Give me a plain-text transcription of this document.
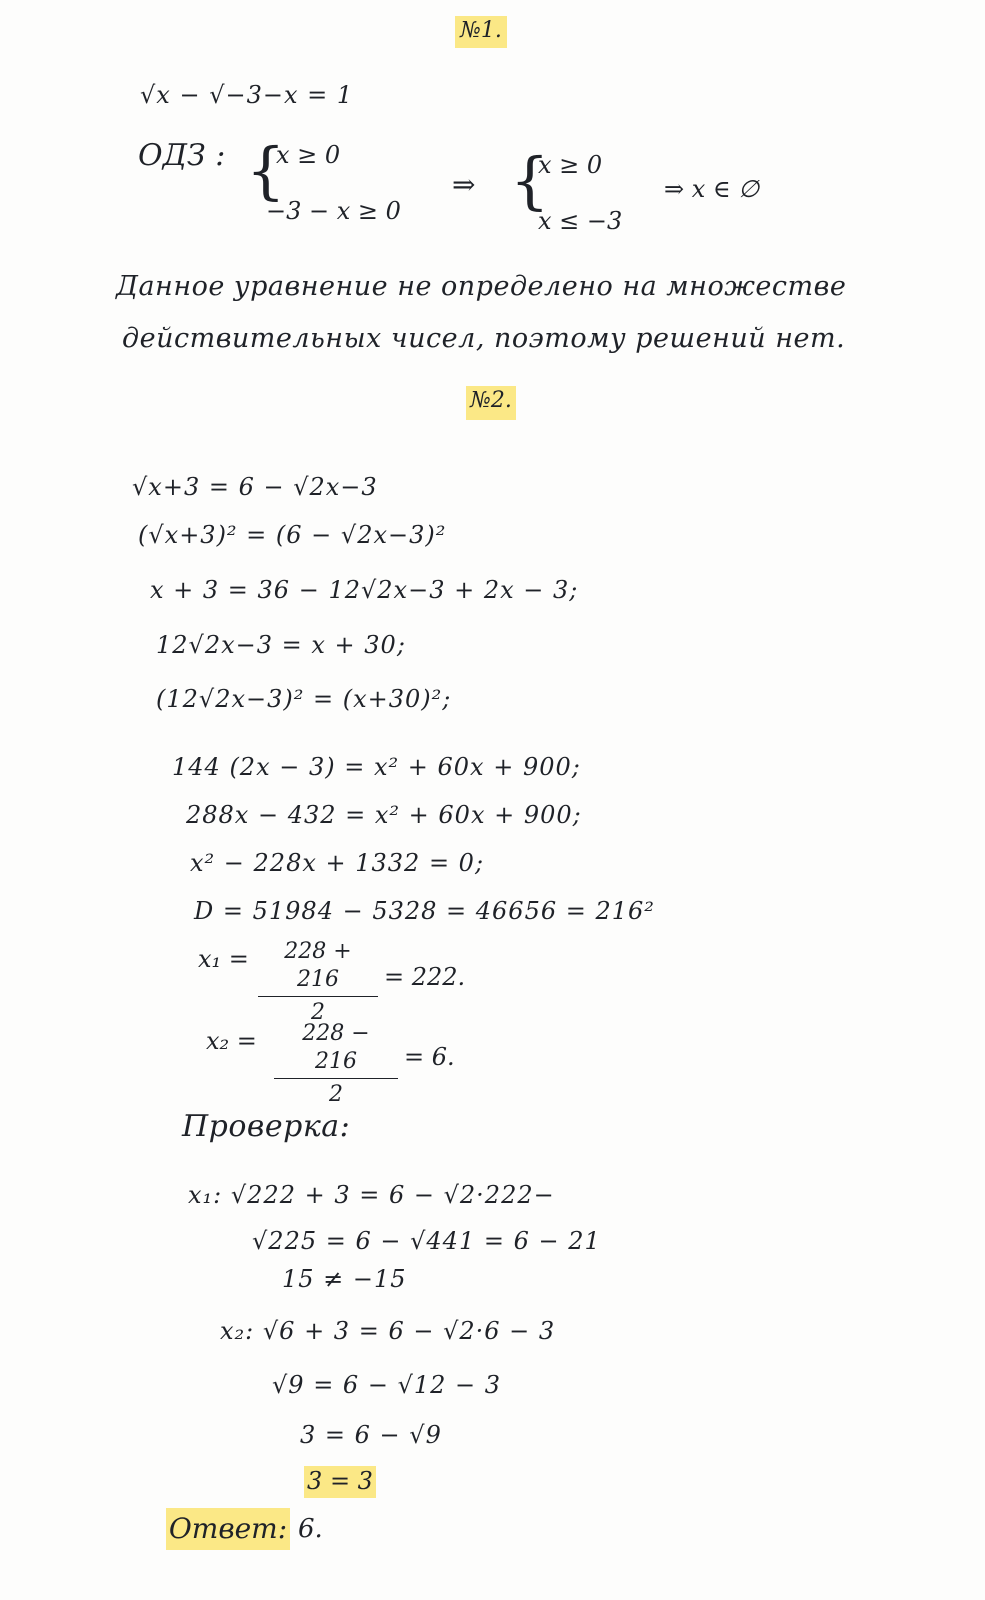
№1.
√x − √−3−x = 1
ОДЗ : {
x ≥ 0
−3 − x ≥ 0
⇒ {
x ≥ 0
x ≤ −3
⇒ x ∈ ∅
Данное уравнение не определено на множестве
действительных чисел, поэтому решений нет.
№2.
√x+3 = 6 − √2x−3
(√x+3)² = (6 − √2x−3)²
x + 3 = 36 − 12√2x−3 + 2x − 3;
12√2x−3 = x + 30;
(12√2x−3)² = (x+30)²;
144 (2x − 3) = x² + 60x + 900;
288x − 432 = x² + 60x + 900;
x² − 228x + 1332 = 0;
D = 51984 − 5328 = 46656 = 216²
$x_1 = \frac{228 + 216}{2} = 222$.
$x_2 = \frac{228 - 216}{2} = 6$.
Проверка:
x₁: √222 + 3 = 6 − √2·222−
√225 = 6 − √441 = 6 − 21
15 ≠ −15
x₂: √6 + 3 = 6 − √2·6 − 3
√9 = 6 − √12 − 3
3 = 6 − √9
3 = 3
Ответ: 6.
